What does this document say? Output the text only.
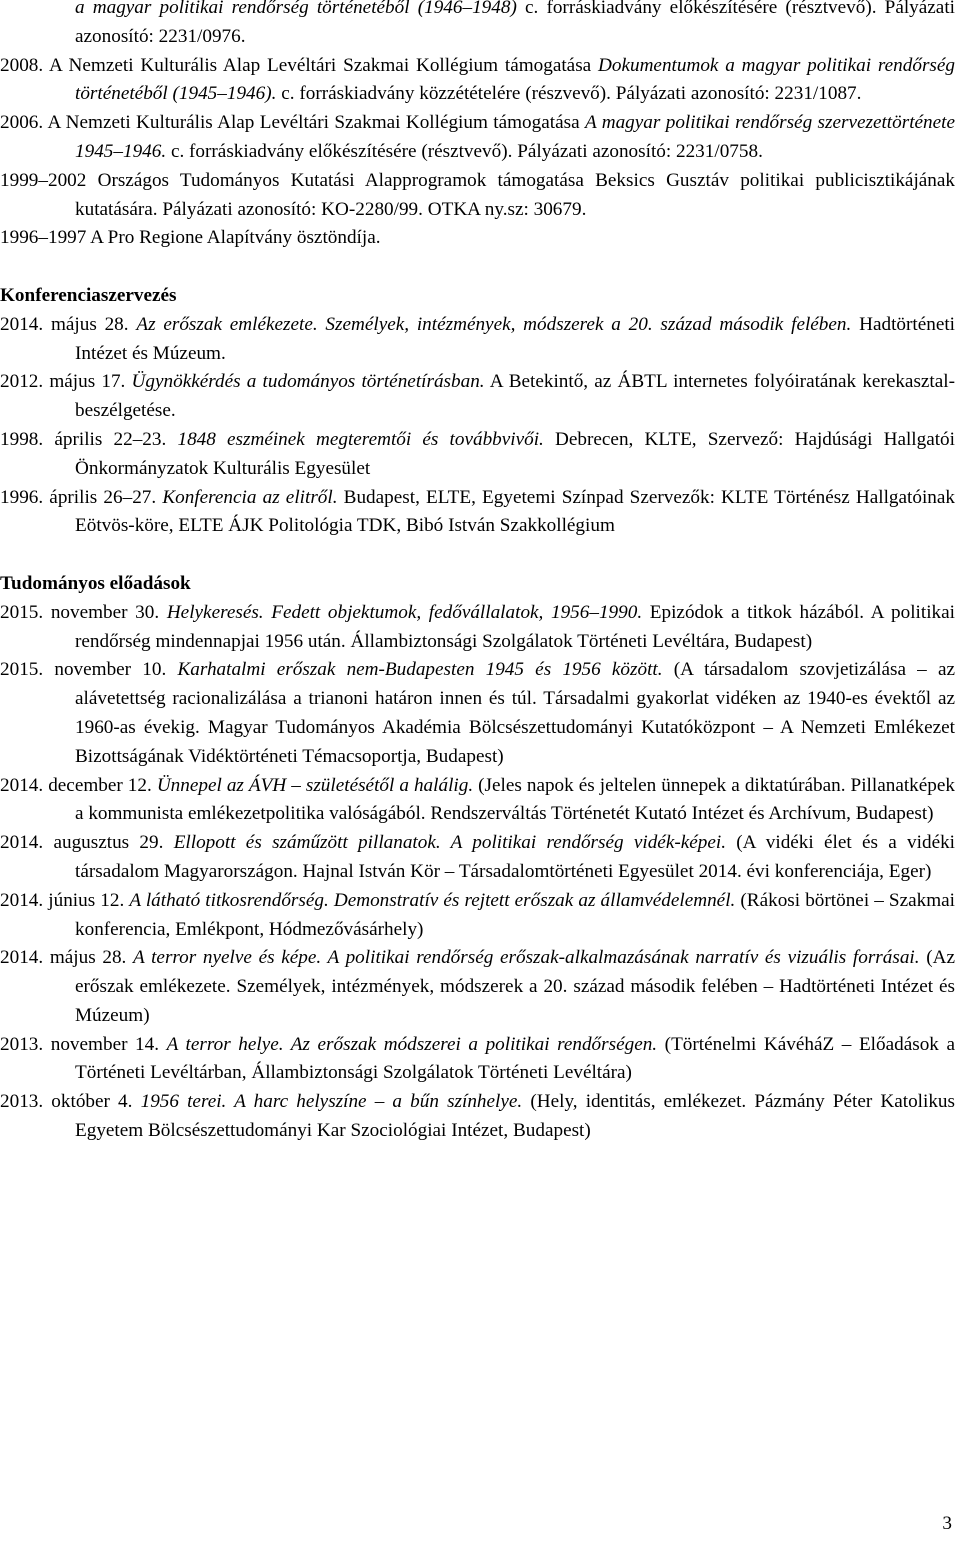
a magyar politikai rendőrség történetéből (1946–1948) c. forráskiadvány előkészítésére (résztvevő). Pályázati azonosító: 2231/0976.

2008. A Nemzeti Kulturális Alap Levéltári Szakmai Kollégium támogatása Dokumentumok a magyar politikai rendőrség történetéből (1945–1946). c. forráskiadvány közzétételére (részvevő). Pályázati azonosító: 2231/1087.

2006. A Nemzeti Kulturális Alap Levéltári Szakmai Kollégium támogatása A magyar politikai rendőrség szervezettörténete 1945–1946. c. forráskiadvány előkészítésére (résztvevő). Pályázati azonosító: 2231/0758.

1999–2002 Országos Tudományos Kutatási Alapprogramok támogatása Beksics Gusztáv politikai publicisztikájának kutatására. Pályázati azonosító: KO-2280/99. OTKA ny.sz: 30679.

1996–1997 A Pro Regione Alapítvány ösztöndíja.

Konferenciaszervezés

2014. május 28. Az erőszak emlékezete. Személyek, intézmények, módszerek a 20. század második felében. Hadtörténeti Intézet és Múzeum.

2012. május 17. Ügynökkérdés a tudományos történetírásban. A Betekintő, az ÁBTL internetes folyóiratának kerekasztal-beszélgetése.

1998. április 22–23. 1848 eszméinek megteremtői és továbbvivői. Debrecen, KLTE, Szervező: Hajdúsági Hallgatói Önkormányzatok Kulturális Egyesület

1996. április 26–27. Konferencia az elitről. Budapest, ELTE, Egyetemi Színpad Szervezők: KLTE Történész Hallgatóinak Eötvös-köre, ELTE ÁJK Politológia TDK, Bibó István Szakkollégium

Tudományos előadások

2015. november 30. Helykeresés. Fedett objektumok, fedővállalatok, 1956–1990. Epizódok a titkok házából. A politikai rendőrség mindennapjai 1956 után. Állambiztonsági Szolgálatok Történeti Levéltára, Budapest)

2015. november 10. Karhatalmi erőszak nem-Budapesten 1945 és 1956 között. (A társadalom szovjetizálása – az alávetettség racionalizálása a trianoni határon innen és túl. Társadalmi gyakorlat vidéken az 1940-es évektől az 1960-as évekig. Magyar Tudományos Akadémia Bölcsészettudományi Kutatóközpont – A Nemzeti Emlékezet Bizottságának Vidéktörténeti Témacsoportja, Budapest)

2014. december 12. Ünnepel az ÁVH – születésétől a halálig. (Jeles napok és jeltelen ünnepek a diktatúrában. Pillanatképek a kommunista emlékezetpolitika valóságából. Rendszerváltás Történetét Kutató Intézet és Archívum, Budapest)

2014. augusztus 29. Ellopott és száműzött pillanatok. A politikai rendőrség vidék-képei. (A vidéki élet és a vidéki társadalom Magyarországon. Hajnal István Kör – Társadalomtörténeti Egyesület 2014. évi konferenciája, Eger)

2014. június 12. A látható titkosrendőrség. Demonstratív és rejtett erőszak az államvédelemnél. (Rákosi börtönei – Szakmai konferencia, Emlékpont, Hódmezővásárhely)

2014. május 28. A terror nyelve és képe. A politikai rendőrség erőszak-alkalmazásának narratív és vizuális forrásai. (Az erőszak emlékezete. Személyek, intézmények, módszerek a 20. század második felében – Hadtörténeti Intézet és Múzeum)

2013. november 14. A terror helye. Az erőszak módszerei a politikai rendőrségen. (Történelmi KávéháZ – Előadások a Történeti Levéltárban, Állambiztonsági Szolgálatok Történeti Levéltára)

2013. október 4. 1956 terei. A harc helyszíne – a bűn színhelye. (Hely, identitás, emlékezet. Pázmány Péter Katolikus Egyetem Bölcsészettudományi Kar Szociológiai Intézet, Budapest)

3
